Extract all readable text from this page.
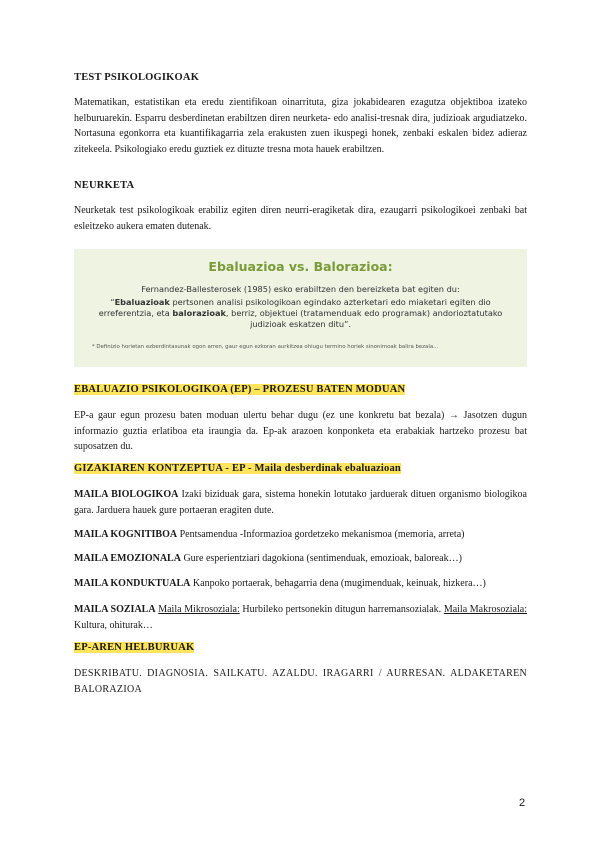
TEST PSIKOLOGIKOAK

Matematikan, estatistikan eta eredu zientifikoan oinarrituta, giza jokabidearen ezagutza objektiboa izateko helburuarekin. Esparru desberdinetan erabiltzen diren neurketa- edo analisi-tresnak dira, judizioak argudiatzeko. Nortasuna egonkorra eta kuantifikagarria zela erakusten zuen ikuspegi honek, zenbaki eskalen bidez adieraz zitekeela. Psikologiako eredu guztiek ez dituzte tresna mota hauek erabiltzen.

NEURKETA

Neurketak test psikologikoak erabiliz egiten diren neurri-eragiketak dira, ezaugarri psikologikoei zenbaki bat esleitzeko aukera ematen dutenak.

Ebaluazioa vs. Balorazioa:

Fernandez-Ballesterosek (1985) esko erabiltzen den bereizketa bat egiten du:

“Ebaluazioak pertsonen analisi psikologikoan egindako azterketari edo miaketari egiten dio erreferentzia, eta balorazioak, berriz, objektuei (tratamenduak edo programak) andorioztatutako judizioak eskatzen ditu”.

* Definizio horietan ezberdintasunak ogon arren, gaur egun ezkoran aurkitzea ohiugu termino horiek sinonimoak balira bezala...

EBALUAZIO PSIKOLOGIKOA (EP) – PROZESU BATEN MODUAN

EP-a gaur egun prozesu baten moduan ulertu behar dugu (ez une konkretu bat bezala) → Jasotzen dugun informazio guztia erlatiboa eta iraungia da. Ep-ak arazoen konponketa eta erabakiak hartzeko prozesu bat suposatzen du.

GIZAKIAREN KONTZEPTUA - EP - Maila desberdinak ebaluazioan

MAILA BIOLOGIKOA Izaki biziduak gara, sistema honekin lotutako jarduerak dituen organismo biologikoa gara. Jarduera hauek gure portaeran eragiten dute.

MAILA KOGNITIBOA Pentsamendua -Informazioa gordetzeko mekanismoa (memoria, arreta)

MAILA EMOZIONALA Gure esperientziari dagokiona (sentimenduak, emozioak, baloreak…)

MAILA KONDUKTUALA Kanpoko portaerak, behagarria dena (mugimenduak, keinuak, hizkera…)

MAILA SOZIALA Maila Mikrosoziala: Hurbileko pertsonekin ditugun harremansozialak. Maila Makrosoziala: Kultura, ohiturak…

EP-AREN HELBURUAK

DESKRIBATU. DIAGNOSIA. SAILKATU. AZALDU. IRAGARRI / AURRESAN. ALDAKETAREN BALORAZIOA

2
